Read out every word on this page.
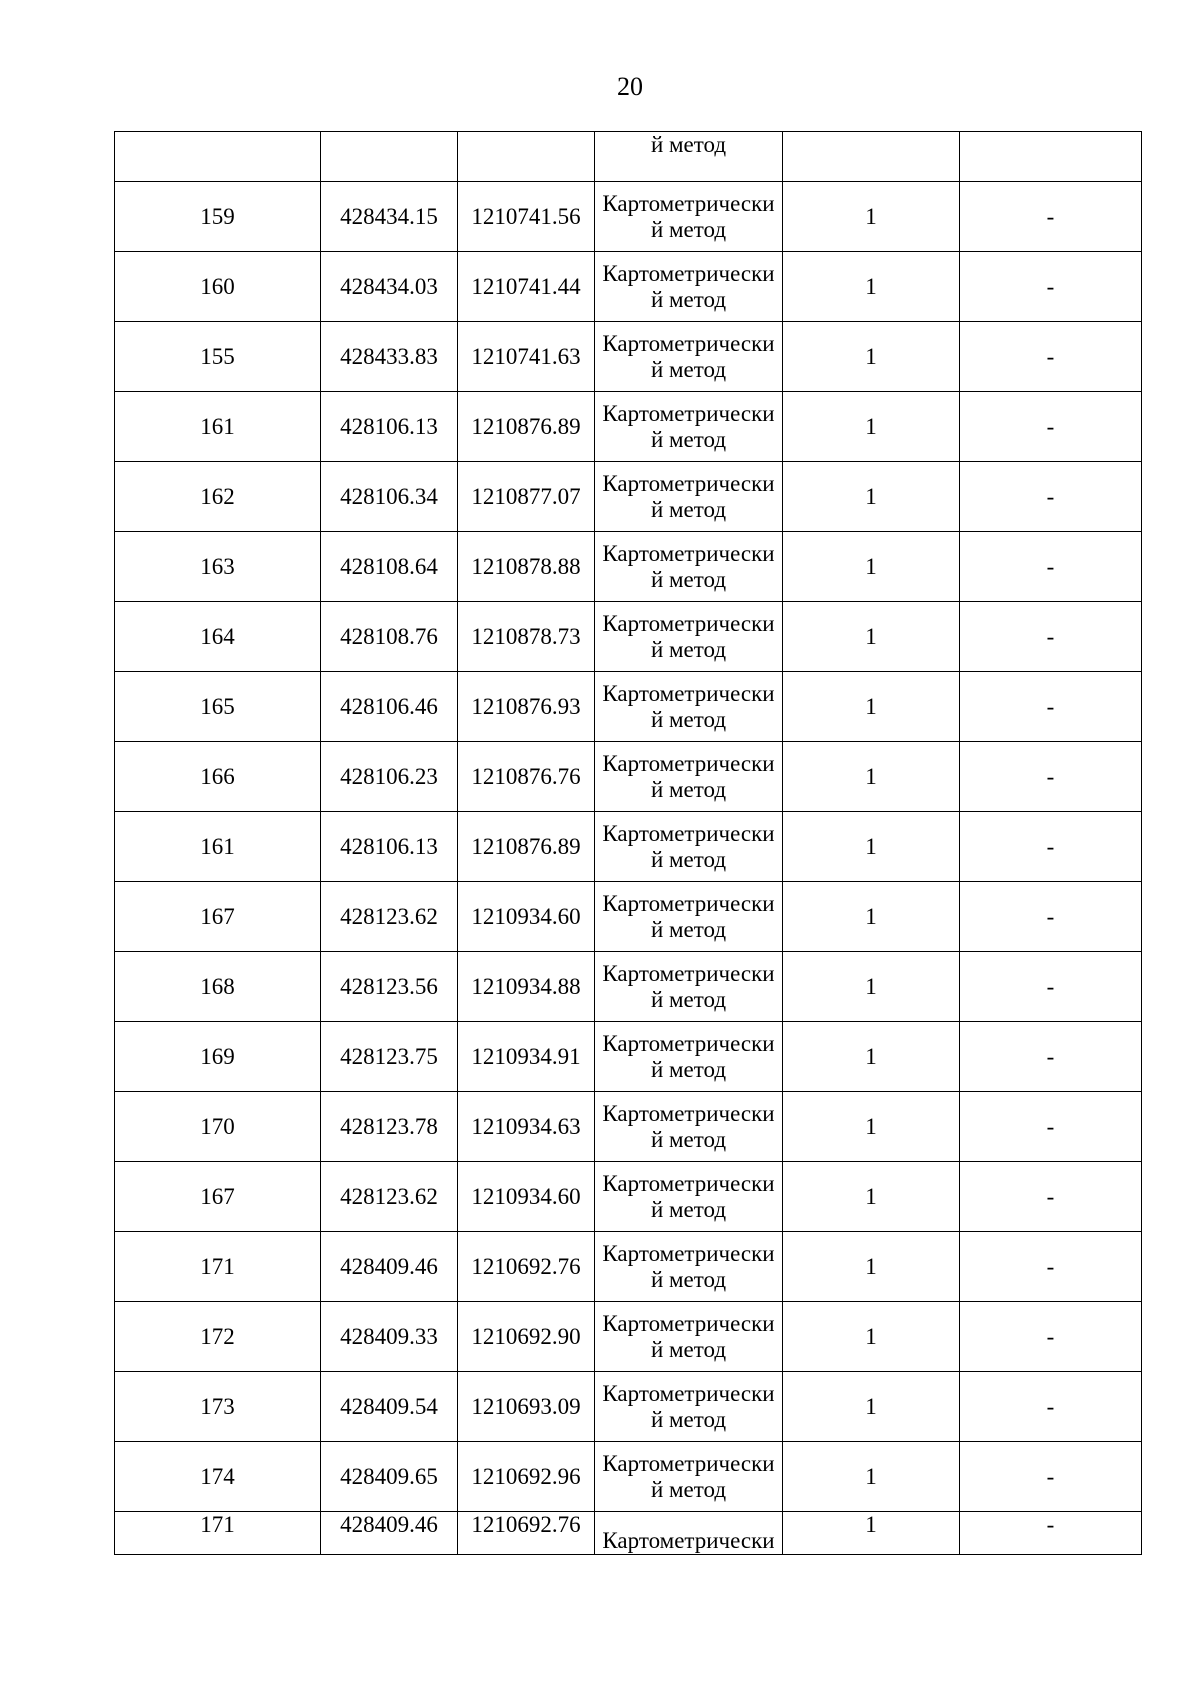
20
			й метод		
159	428434.15	1210741.56	Картометрически
й метод	1	-
160	428434.03	1210741.44	Картометрически
й метод	1	-
155	428433.83	1210741.63	Картометрически
й метод	1	-
161	428106.13	1210876.89	Картометрически
й метод	1	-
162	428106.34	1210877.07	Картометрически
й метод	1	-
163	428108.64	1210878.88	Картометрически
й метод	1	-
164	428108.76	1210878.73	Картометрически
й метод	1	-
165	428106.46	1210876.93	Картометрически
й метод	1	-
166	428106.23	1210876.76	Картометрически
й метод	1	-
161	428106.13	1210876.89	Картометрически
й метод	1	-
167	428123.62	1210934.60	Картометрически
й метод	1	-
168	428123.56	1210934.88	Картометрически
й метод	1	-
169	428123.75	1210934.91	Картометрически
й метод	1	-
170	428123.78	1210934.63	Картометрически
й метод	1	-
167	428123.62	1210934.60	Картометрически
й метод	1	-
171	428409.46	1210692.76	Картометрически
й метод	1	-
172	428409.33	1210692.90	Картометрически
й метод	1	-
173	428409.54	1210693.09	Картометрически
й метод	1	-
174	428409.65	1210692.96	Картометрически
й метод	1	-
171	428409.46	1210692.76	Картометрически	1	-
